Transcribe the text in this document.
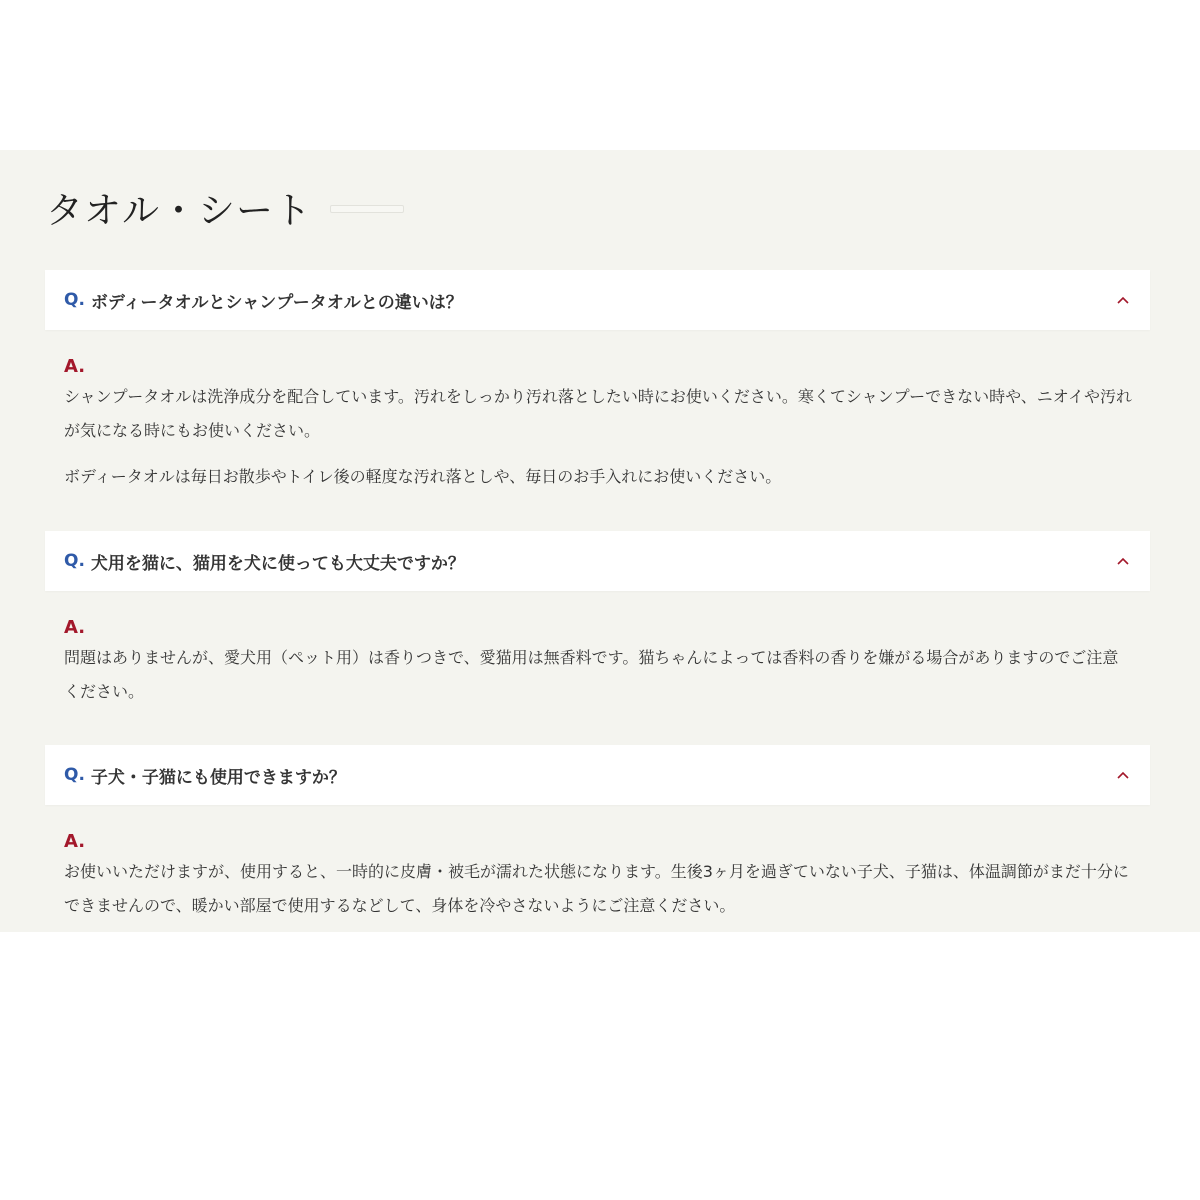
タオル・シート
Q. ボディータオルとシャンプータオルとの違いは？
A.

シャンプータオルは洗浄成分を配合しています。汚れをしっかり汚れ落としたい時にお使いください。寒くてシャンプーできない時や、ニオイや汚れが気になる時にもお使いください。

ボディータオルは毎日お散歩やトイレ後の軽度な汚れ落としや、毎日のお手入れにお使いください。

Q. 犬用を猫に、猫用を犬に使っても大丈夫ですか？
A.

問題はありませんが、愛犬用（ペット用）は香りつきで、愛猫用は無香料です。猫ちゃんによっては香料の香りを嫌がる場合がありますのでご注意ください。

Q. 子犬・子猫にも使用できますか？
A.

お使いいただけますが、使用すると、一時的に皮膚・被毛が濡れた状態になります。生後3ヶ月を過ぎていない子犬、子猫は、体温調節がまだ十分にできませんので、暖かい部屋で使用するなどして、身体を冷やさないようにご注意ください。
